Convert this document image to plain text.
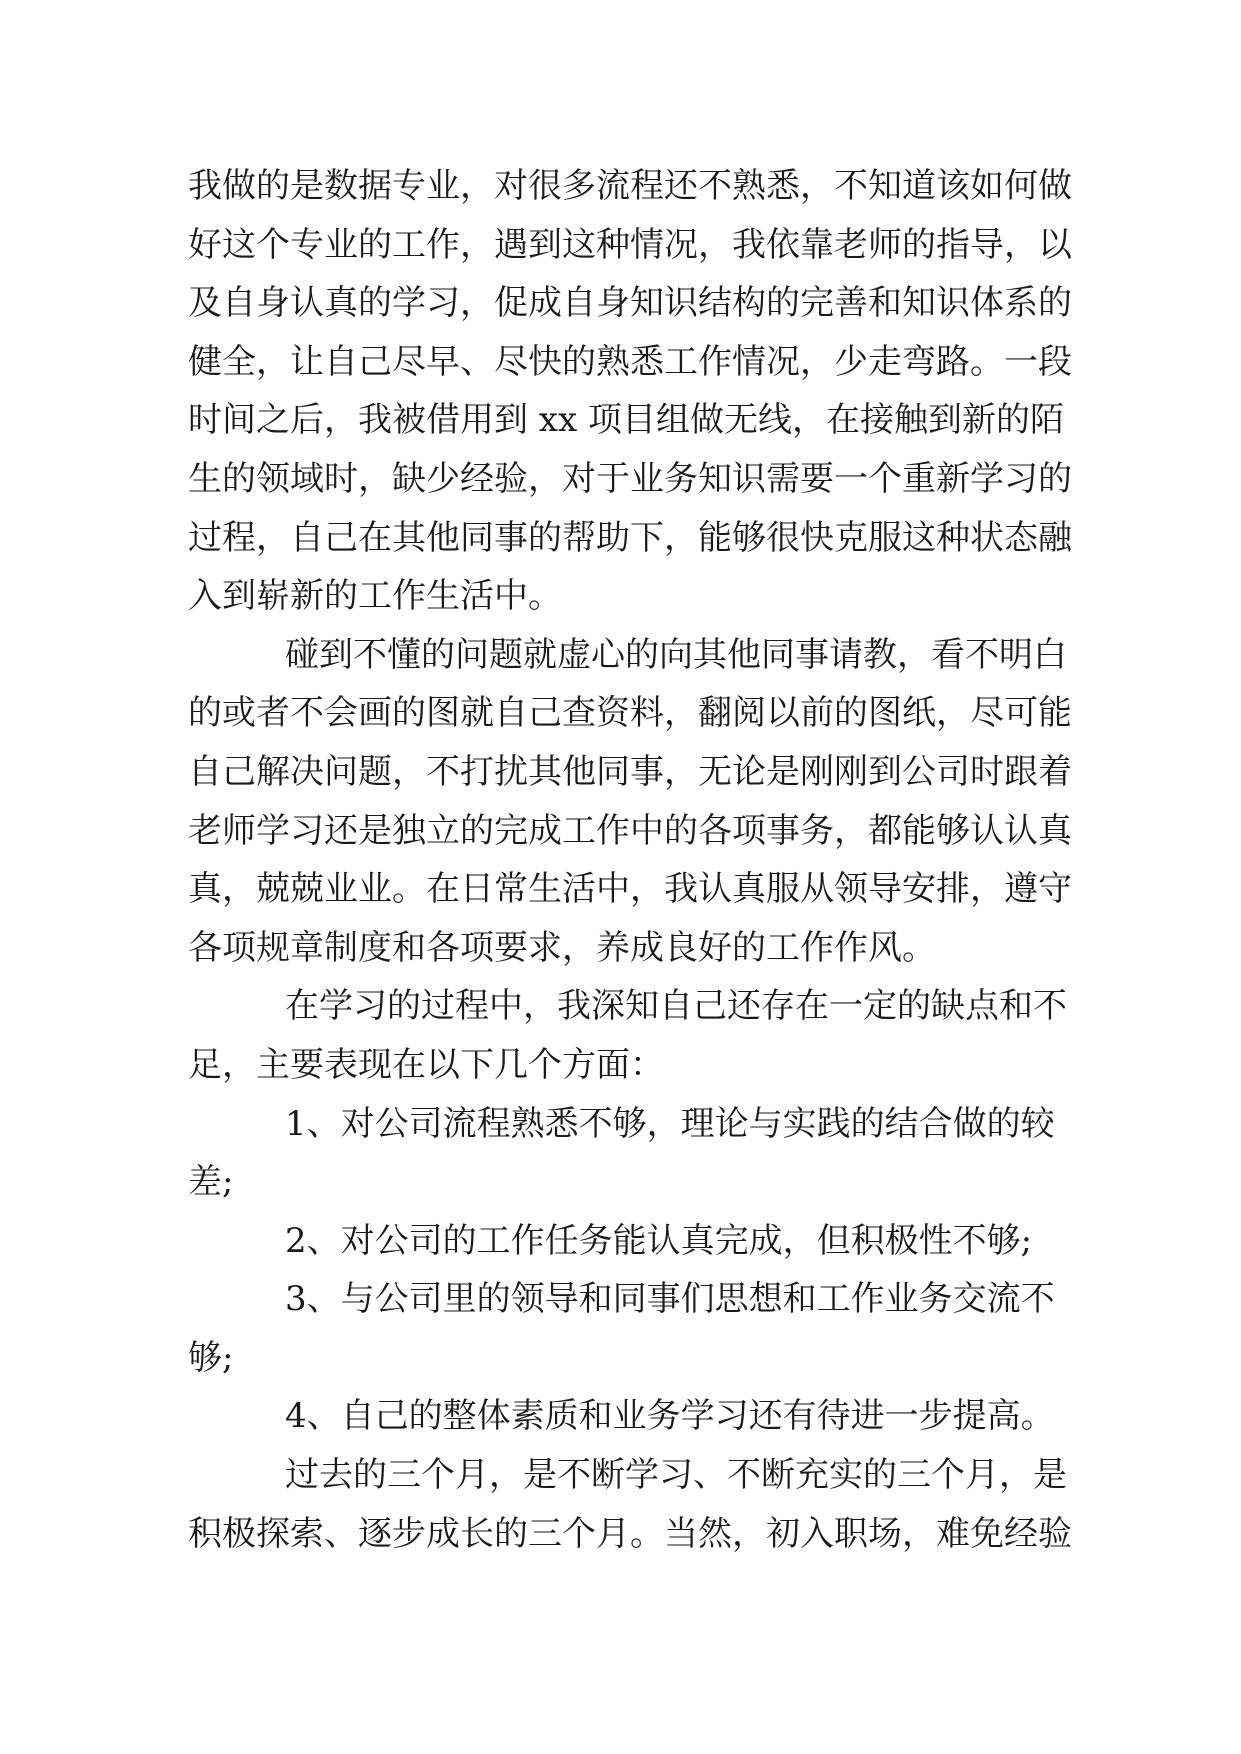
我做的是数据专业，对很多流程还不熟悉，不知道该如何做
好这个专业的工作，遇到这种情况，我依靠老师的指导，以
及自身认真的学习，促成自身知识结构的完善和知识体系的
健全，让自己尽早、尽快的熟悉工作情况，少走弯路。一段
时间之后，我被借用到 xx 项目组做无线，在接触到新的陌
生的领域时，缺少经验，对于业务知识需要一个重新学习的
过程，自己在其他同事的帮助下，能够很快克服这种状态融
入到崭新的工作生活中。
碰到不懂的问题就虚心的向其他同事请教，看不明白
的或者不会画的图就自己查资料，翻阅以前的图纸，尽可能
自己解决问题，不打扰其他同事，无论是刚刚到公司时跟着
老师学习还是独立的完成工作中的各项事务，都能够认认真
真，兢兢业业。在日常生活中，我认真服从领导安排，遵守
各项规章制度和各项要求，养成良好的工作作风。
在学习的过程中，我深知自己还存在一定的缺点和不
足，主要表现在以下几个方面：
1、对公司流程熟悉不够，理论与实践的结合做的较
差;
2、对公司的工作任务能认真完成，但积极性不够;
3、与公司里的领导和同事们思想和工作业务交流不
够;
4、自己的整体素质和业务学习还有待进一步提高。
过去的三个月，是不断学习、不断充实的三个月，是
积极探索、逐步成长的三个月。当然，初入职场，难免经验
